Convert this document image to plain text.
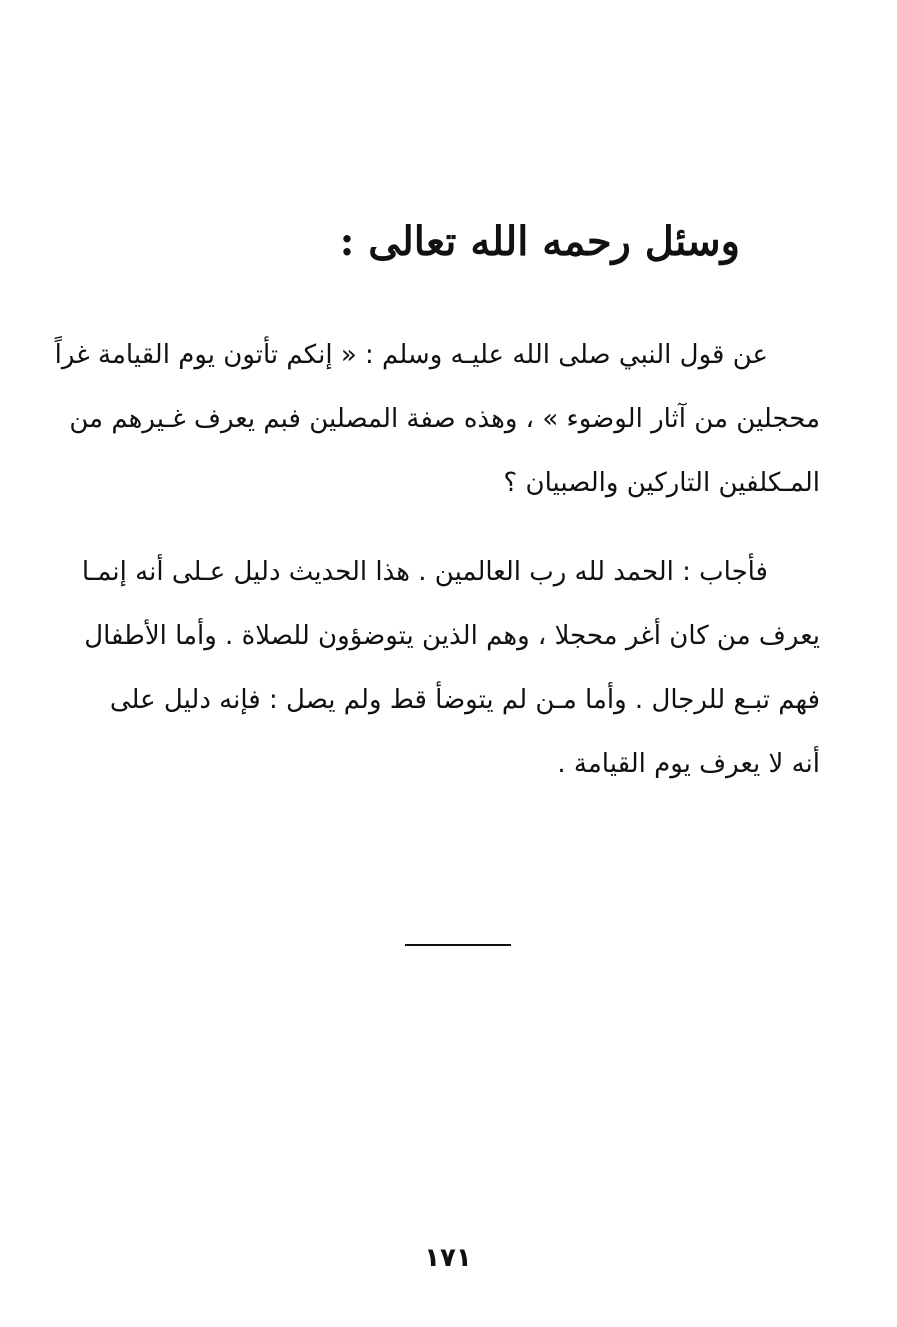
وسئل رحمه الله تعالى :
عن قول النبي صلى الله عليـه وسلم : « إنكم تأتون يوم القيامة غراً
محجلين من آثار الوضوء » ، وهذه صفة المصلين فبم يعرف غـيرهم من
المـكلفين التاركين والصبيان ؟
فأجاب : الحمد لله رب العالمين . هذا الحديث دليل عـلى أنه إنمـا
يعرف من كان أغر محجلا ، وهم الذين يتوضؤون للصلاة . وأما الأطفال
فهم تبـع للرجال . وأما مـن لم يتوضأ قط ولم يصل : فإنه دليل على
أنه لا يعرف يوم القيامة .
١٧١
